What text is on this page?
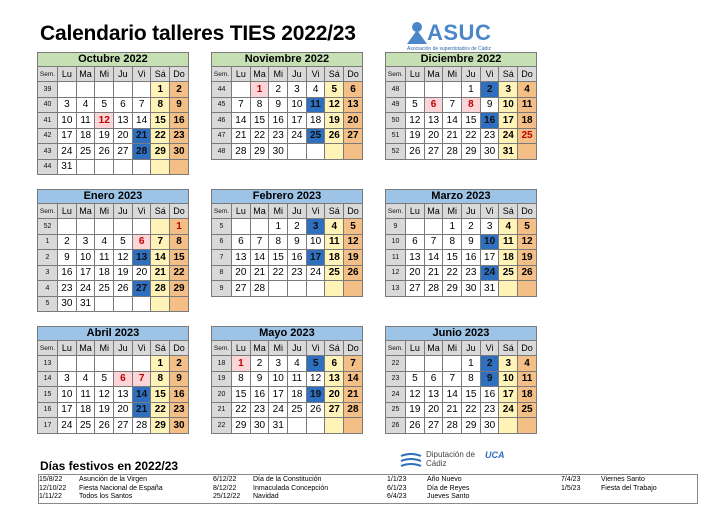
Calendario talleres TIES 2022/23	ASUC
Asociación de superdotados de Cádiz
Octubre 2022							
Sem.	Lu	Ma	Mi	Ju	Vi	Sá	Do
39						1	2
40	3	4	5	6	7	8	9
41	10	11	12	13	14	15	16
42	17	18	19	20	21	22	23
43	24	25	26	27	28	29	30
44	31						
Noviembre 2022							
Sem.	Lu	Ma	Mi	Ju	Vi	Sá	Do
44		1	2	3	4	5	6
45	7	8	9	10	11	12	13
46	14	15	16	17	18	19	20
47	21	22	23	24	25	26	27
48	28	29	30				
Diciembre 2022							
Sem.	Lu	Ma	Mi	Ju	Vi	Sá	Do
48				1	2	3	4
49	5	6	7	8	9	10	11
50	12	13	14	15	16	17	18
51	19	20	21	22	23	24	25
52	26	27	28	29	30	31	
Enero 2023							
Sem.	Lu	Ma	Mi	Ju	Vi	Sá	Do
52							1
1	2	3	4	5	6	7	8
2	9	10	11	12	13	14	15
3	16	17	18	19	20	21	22
4	23	24	25	26	27	28	29
5	30	31					
Febrero 2023							
Sem.	Lu	Ma	Mi	Ju	Vi	Sá	Do
5			1	2	3	4	5
6	6	7	8	9	10	11	12
7	13	14	15	16	17	18	19
8	20	21	22	23	24	25	26
9	27	28					
Marzo 2023							
Sem.	Lu	Ma	Mi	Ju	Vi	Sá	Do
9			1	2	3	4	5
10	6	7	8	9	10	11	12
11	13	14	15	16	17	18	19
12	20	21	22	23	24	25	26
13	27	28	29	30	31		
Abril 2023							
Sem.	Lu	Ma	Mi	Ju	Vi	Sá	Do
13						1	2
14	3	4	5	6	7	8	9
15	10	11	12	13	14	15	16
16	17	18	19	20	21	22	23
17	24	25	26	27	28	29	30
Mayo 2023							
Sem.	Lu	Ma	Mi	Ju	Vi	Sá	Do
18	1	2	3	4	5	6	7
19	8	9	10	11	12	13	14
20	15	16	17	18	19	20	21
21	22	23	24	25	26	27	28
22	29	30	31				
Junio 2023							
Sem.	Lu	Ma	Mi	Ju	Vi	Sá	Do
22				1	2	3	4
23	5	6	7	8	9	10	11
24	12	13	14	15	16	17	18
25	19	20	21	22	23	24	25
26	26	27	28	29	30		
Días festivos en 2022/23
15/8/22 Asunción de la Virgen
12/10/22 Fiesta Nacional de España
1/11/22 Todos los Santos
6/12/22 Día de la Constitución
8/12/22 Inmaculada Concepción
25/12/22 Navidad
1/1/23	Año Nuevo
6/1/23	Día de Reyes
6/4/23	Jueves Santo
7/4/23	Viernes Santo
1/5/23	Fiesta del Trabajo
Diputación de Cádiz
UCA
